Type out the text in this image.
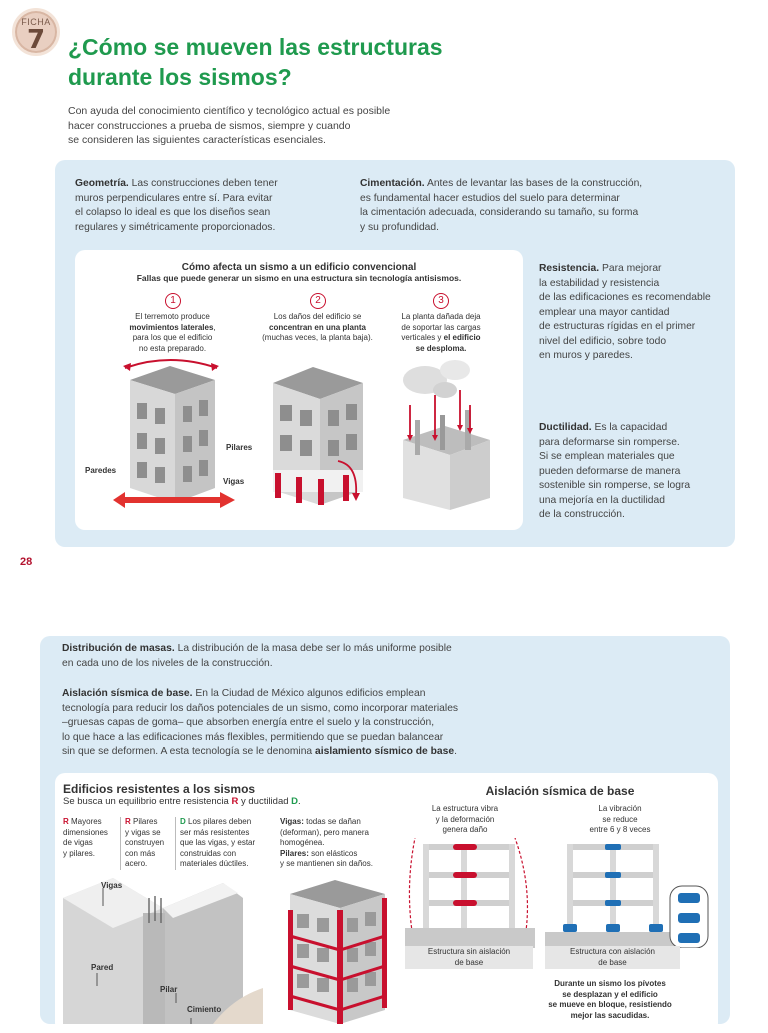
FICHA
7 ¿Cómo se mueven las estructuras
durante los sismos?
Con ayuda del conocimiento científico y tecnológico actual es posible
hacer construcciones a prueba de sismos, siempre y cuando
se consideren las siguientes características esenciales.
Geometría. Las construcciones deben tener
muros perpendiculares entre sí. Para evitar
el colapso lo ideal es que los diseños sean
regulares y simétricamente proporcionados.
Cimentación. Antes de levantar las bases de la construcción,
es fundamental hacer estudios del suelo para determinar
la cimentación adecuada, considerando su tamaño, su forma
y su profundidad.
Resistencia. Para mejorar
la estabilidad y resistencia
de las edificaciones es recomendable
emplear una mayor cantidad
de estructuras rígidas en el primer
nivel del edificio, sobre todo
en muros y paredes.
Ductilidad. Es la capacidad
para deformarse sin romperse.
Si se emplean materiales que
pueden deformarse de manera
sostenible sin romperse, se logra
una mejoría en la ductilidad
de la construcción.
Cómo afecta un sismo a un edificio convencional
Fallas que puede generar un sismo en una estructura sin tecnología antisismos.
1	2	3
El terremoto produce
movimientos laterales,
para los que el edificio
no esta preparado.
Los daños del edificio se
concentran en una planta
(muchas veces, la planta baja).
La planta dañada deja
de soportar las cargas
verticales y el edificio
se desploma.
Pilares
Paredes
Vigas
28
Distribución de masas. La distribución de la masa debe ser lo más uniforme posible
en cada uno de los niveles de la construcción.
Aislación sísmica de base. En la Ciudad de México algunos edificios emplean
tecnología para reducir los daños potenciales de un sismo, como incorporar materiales
–gruesas capas de goma– que absorben energía entre el suelo y la construcción,
lo que hace a las edificaciones más flexibles, permitiendo que se puedan balancear
sin que se deformen. A esta tecnología se le denomina aislamiento sísmico de base.
Edificios resistentes a los sismos
Se busca un equilibrio entre resistencia R y ductilidad D.
R Mayores
dimensiones
de vigas
y pilares.
R Pilares
y vigas se
construyen
con más
acero.
D Los pilares deben
ser más resistentes
que las vigas, y estar
construidas con
materiales dúctiles.
Vigas: todas se dañan
(deforman), pero manera
homogénea.
Pilares: son elásticos
y se mantienen sin daños.
Vigas
Pared
Pilar
Cimiento
Aislación sísmica de base
La estructura vibra
y la deformación
genera daño
La vibración
se reduce
entre 6 y 8 veces
Estructura sin aislación
de base
Estructura con aislación
de base
Durante un sismo los pívotes
se desplazan y el edificio
se mueve en bloque, resistiendo
mejor las sacudidas.
